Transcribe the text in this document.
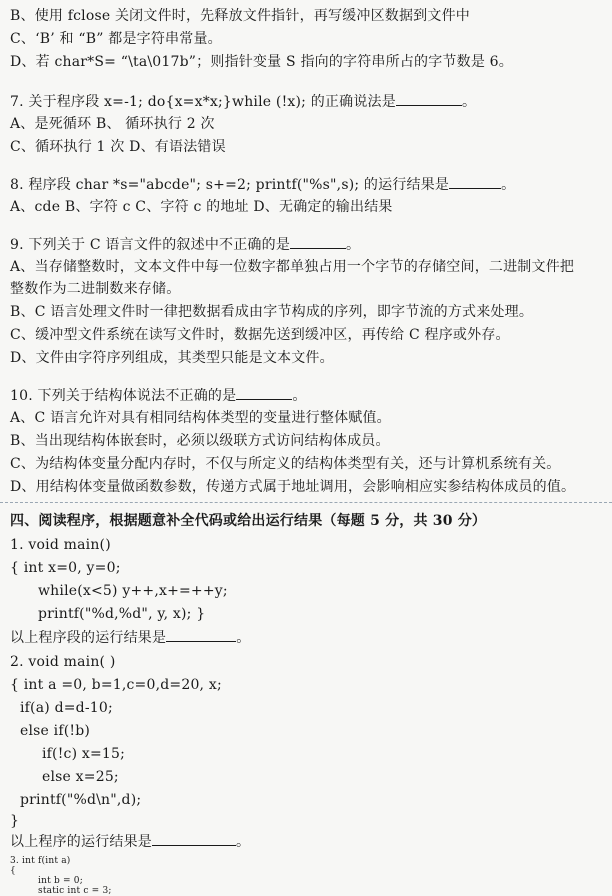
B、使用 fclose 关闭文件时，先释放文件指针，再写缓冲区数据到文件中
C、‘B’ 和 “B” 都是字符串常量。
D、若 char*S= “\ta\017b”；则指针变量 S 指向的字符串所占的字节数是 6。
7. 关于程序段 x=-1; do{x=x*x;}while (!x); 的正确说法是	。
A、是死循环 B、 循环执行 2 次
C、循环执行 1 次 D、有语法错误
8. 程序段 char *s="abcde"; s+=2; printf("%s",s); 的运行结果是	。
A、cde B、字符 c C、字符 c 的地址 D、无确定的输出结果
9. 下列关于 C 语言文件的叙述中不正确的是	。
A、当存储整数时，文本文件中每一位数字都单独占用一个字节的存储空间，二进制文件把
整数作为二进制数来存储。
B、C 语言处理文件时一律把数据看成由字节构成的序列，即字节流的方式来处理。
C、缓冲型文件系统在读写文件时，数据先送到缓冲区，再传给 C 程序或外存。
D、文件由字符序列组成，其类型只能是文本文件。
10. 下列关于结构体说法不正确的是	。
A、C 语言允许对具有相同结构体类型的变量进行整体赋值。
B、当出现结构体嵌套时，必须以级联方式访问结构体成员。
C、为结构体变量分配内存时，不仅与所定义的结构体类型有关，还与计算机系统有关。
D、用结构体变量做函数参数，传递方式属于地址调用，会影响相应实参结构体成员的值。
四、阅读程序，根据题意补全代码或给出运行结果（每题 5 分，共 30 分）
1. void main()
{ int x=0, y=0;
while(x<5) y++,x+=++y;
printf("%d,%d", y, x); }
以上程序段的运行结果是	。
2. void main( )
{ int a =0, b=1,c=0,d=20, x;
if(a) d=d-10;
else if(!b)
if(!c) x=15;
else x=25;
printf("%d\n",d);
}
以上程序的运行结果是	。
3. int f(int a)
{
int b = 0;
static int c = 3;
